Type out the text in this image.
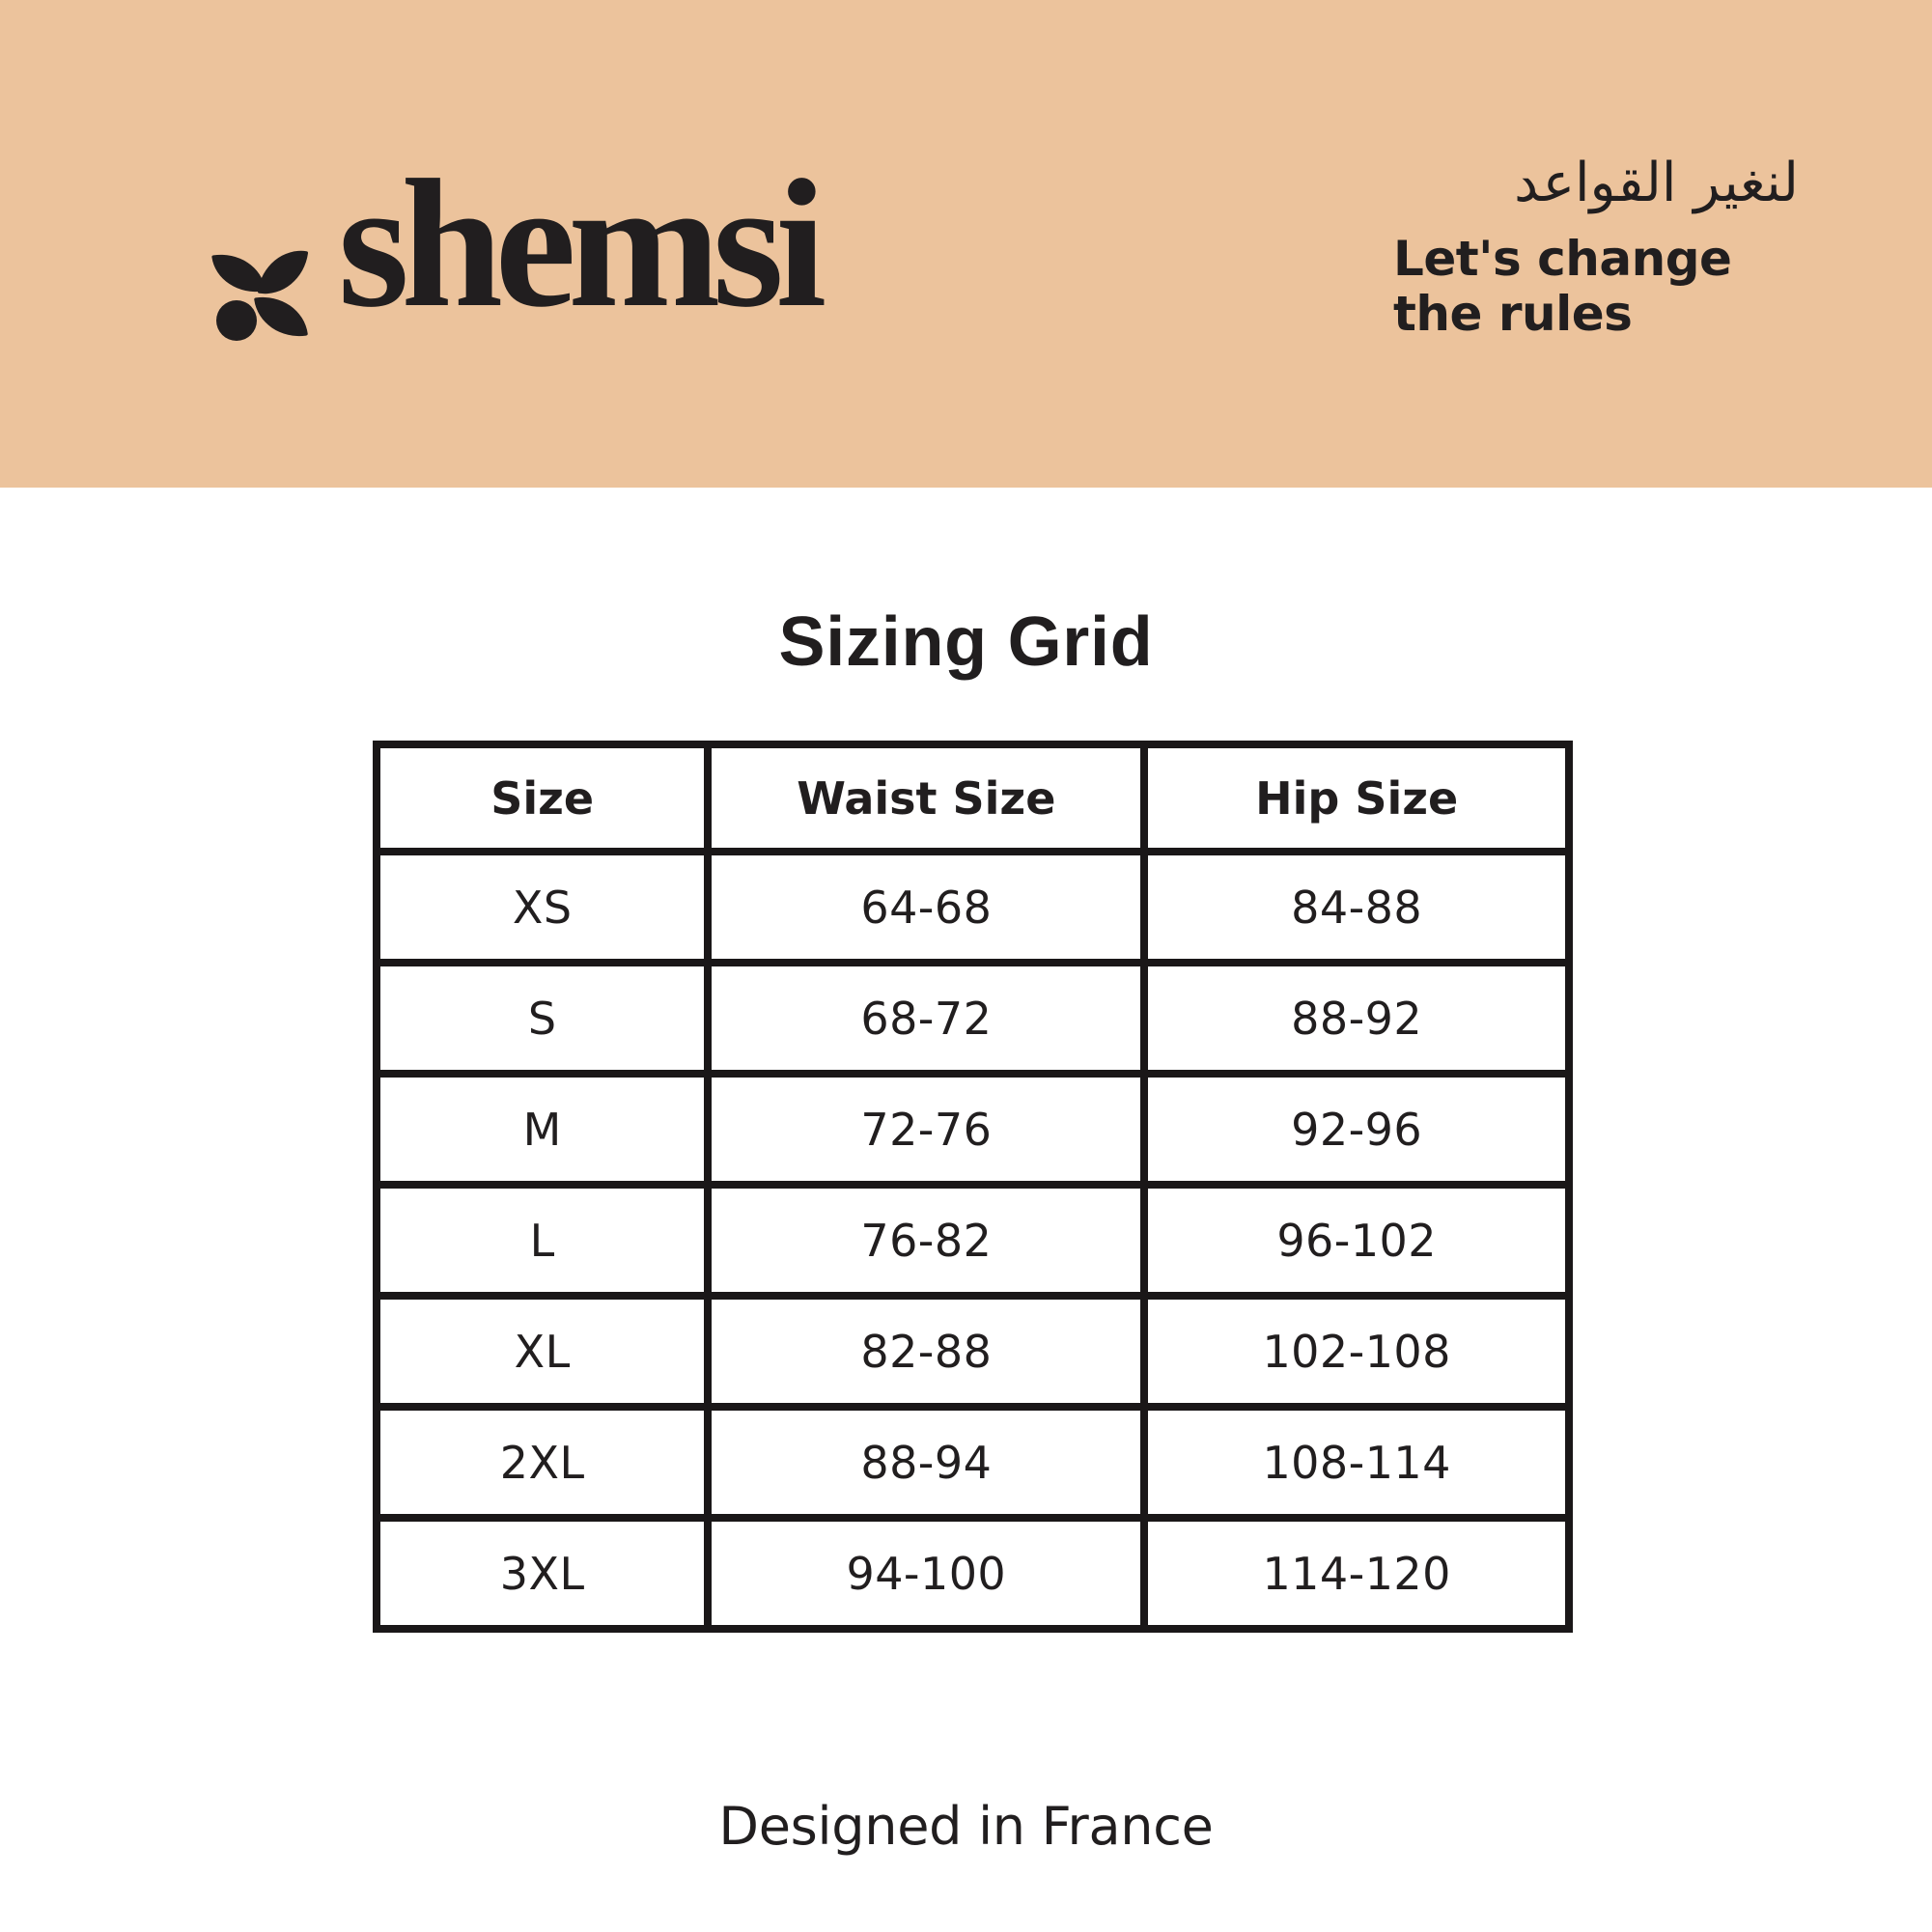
shemsi	لنغير القواعد
Let's change
the rules
Sizing Grid
Size	Waist Size	Hip Size
XS	64-68	84-88
S	68-72	88-92
M	72-76	92-96
L	76-82	96-102
XL	82-88	102-108
2XL	88-94	108-114
3XL	94-100	114-120
Designed in France
